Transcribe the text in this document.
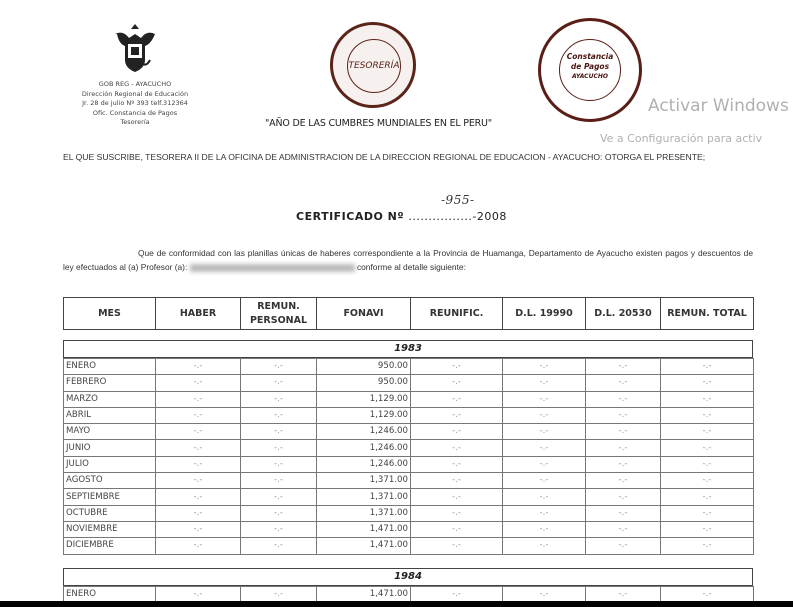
GOB REG - AYACUCHO
Dirección Regional de Educación
Jr. 28 de julio Nº 393 telf.312364
Ofic. Constancia de Pagos
Tesorería	"AÑO DE LAS CUMBRES MUNDIALES EN EL PERU"
Constancia
de Pagos
AYACUCHO
EL QUE SUSCRIBE, TESORERA II DE LA OFICINA DE ADMINISTRACION DE LA DIRECCION REGIONAL DE EDUCACION - AYACUCHO: OTORGA EL PRESENTE;
CERTIFICADO Nº ................-2008
-955-
Que de conformidad con las planillas únicas de haberes correspondiente a la Provincia de Huamanga, Departamento de Ayacucho existen pagos y descuentos de ley efectuados al (a) Profesor (a):	conforme al detalle siguiente:
MES	HABER	REMUN. PERSONAL	FONAVI	REUNIFIC.	D.L. 19990	D.L. 20530	REMUN. TOTAL
1983
ENERO	-.-	-.-	950.00	-.-	-.-	-.-	-.-
FEBRERO	-.-	-.-	950.00	-.-	-.-	-.-	-.-
MARZO	-.-	-.-	1,129.00	-.-	-.-	-.-	-.-
ABRIL	-.-	-.-	1,129.00	-.-	-.-	-.-	-.-
MAYO	-.-	-.-	1,246.00	-.-	-.-	-.-	-.-
JUNIO	-.-	-.-	1,246.00	-.-	-.-	-.-	-.-
JULIO	-.-	-.-	1,246.00	-.-	-.-	-.-	-.-
AGOSTO	-.-	-.-	1,371.00	-.-	-.-	-.-	-.-
SEPTIEMBRE	-.-	-.-	1,371.00	-.-	-.-	-.-	-.-
OCTUBRE	-.-	-.-	1,371.00	-.-	-.-	-.-	-.-
NOVIEMBRE	-.-	-.-	1,471.00	-.-	-.-	-.-	-.-
DICIEMBRE	-.-	-.-	1,471.00	-.-	-.-	-.-	-.-
1984
ENERO	-.-	-.-	1,471.00	-.-	-.-	-.-	-.-
TESORERÍA
Activar Windows
Ve a Configuración para activ
